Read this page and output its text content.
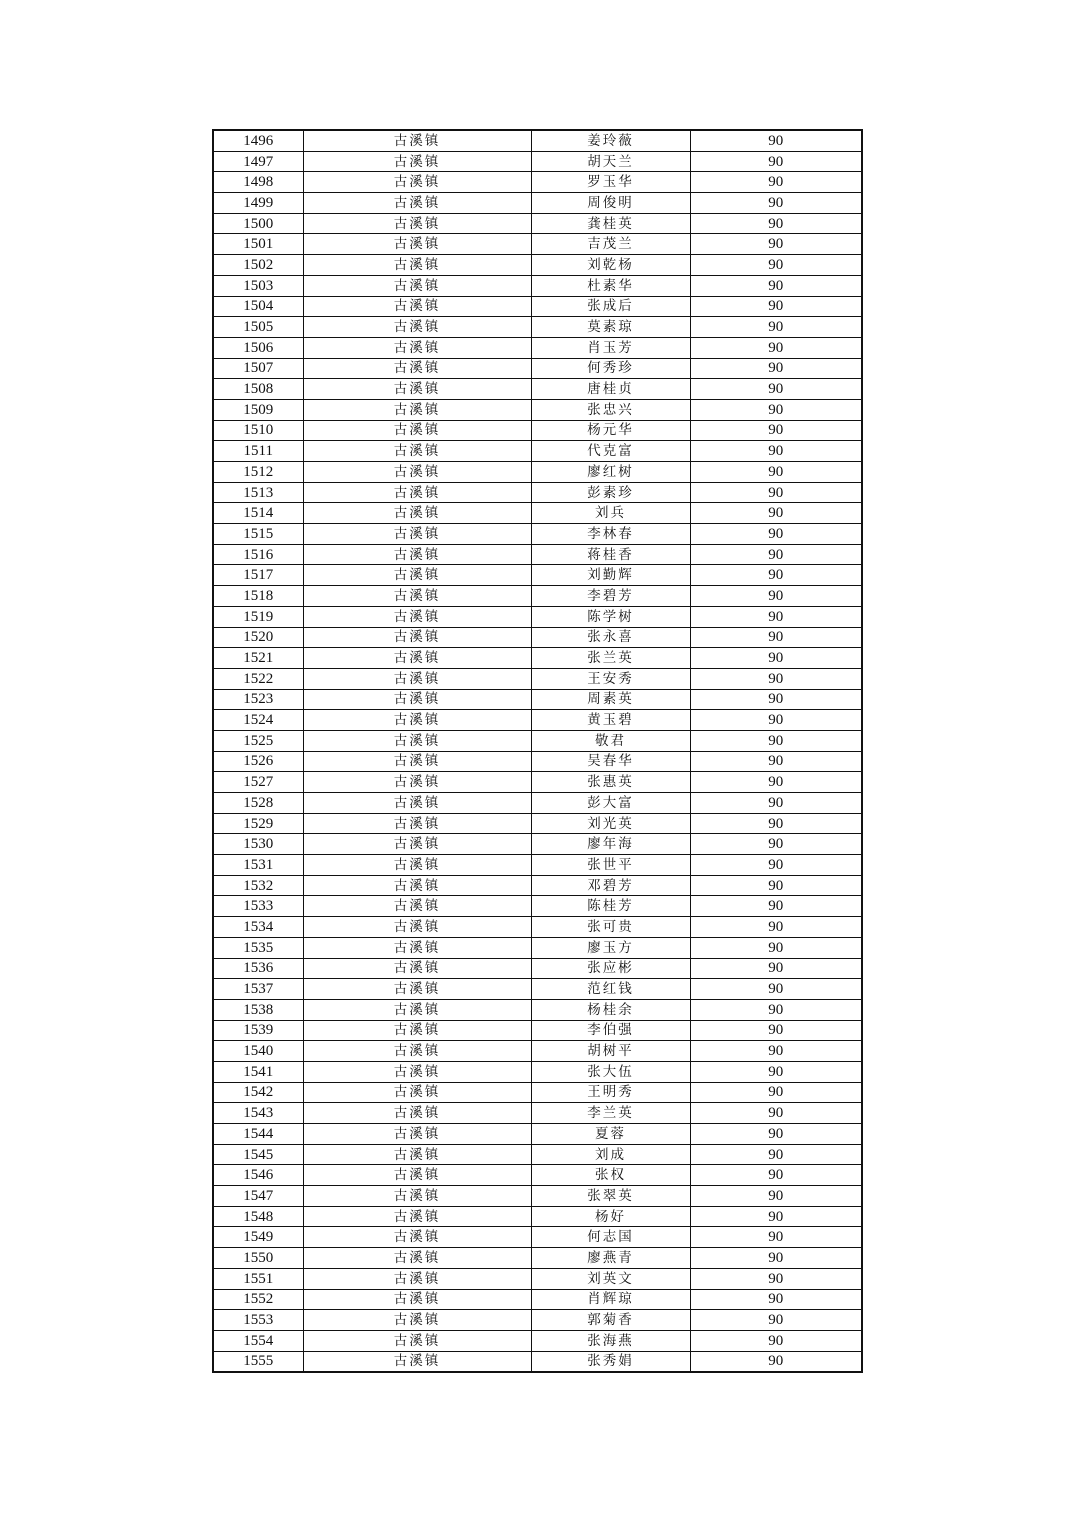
1496	古溪镇	姜玲薇	90
1497	古溪镇	胡天兰	90
1498	古溪镇	罗玉华	90
1499	古溪镇	周俊明	90
1500	古溪镇	龚桂英	90
1501	古溪镇	吉茂兰	90
1502	古溪镇	刘乾杨	90
1503	古溪镇	杜素华	90
1504	古溪镇	张成后	90
1505	古溪镇	莫素琼	90
1506	古溪镇	肖玉芳	90
1507	古溪镇	何秀珍	90
1508	古溪镇	唐桂贞	90
1509	古溪镇	张忠兴	90
1510	古溪镇	杨元华	90
1511	古溪镇	代克富	90
1512	古溪镇	廖红树	90
1513	古溪镇	彭素珍	90
1514	古溪镇	刘兵	90
1515	古溪镇	李林春	90
1516	古溪镇	蒋桂香	90
1517	古溪镇	刘勤辉	90
1518	古溪镇	李碧芳	90
1519	古溪镇	陈学树	90
1520	古溪镇	张永喜	90
1521	古溪镇	张兰英	90
1522	古溪镇	王安秀	90
1523	古溪镇	周素英	90
1524	古溪镇	黄玉碧	90
1525	古溪镇	敬君	90
1526	古溪镇	吴春华	90
1527	古溪镇	张惠英	90
1528	古溪镇	彭大富	90
1529	古溪镇	刘光英	90
1530	古溪镇	廖年海	90
1531	古溪镇	张世平	90
1532	古溪镇	邓碧芳	90
1533	古溪镇	陈桂芳	90
1534	古溪镇	张可贵	90
1535	古溪镇	廖玉方	90
1536	古溪镇	张应彬	90
1537	古溪镇	范红钱	90
1538	古溪镇	杨桂余	90
1539	古溪镇	李伯强	90
1540	古溪镇	胡树平	90
1541	古溪镇	张大伍	90
1542	古溪镇	王明秀	90
1543	古溪镇	李兰英	90
1544	古溪镇	夏蓉	90
1545	古溪镇	刘成	90
1546	古溪镇	张权	90
1547	古溪镇	张翠英	90
1548	古溪镇	杨好	90
1549	古溪镇	何志国	90
1550	古溪镇	廖燕青	90
1551	古溪镇	刘英文	90
1552	古溪镇	肖辉琼	90
1553	古溪镇	郭菊香	90
1554	古溪镇	张海燕	90
1555	古溪镇	张秀娟	90
